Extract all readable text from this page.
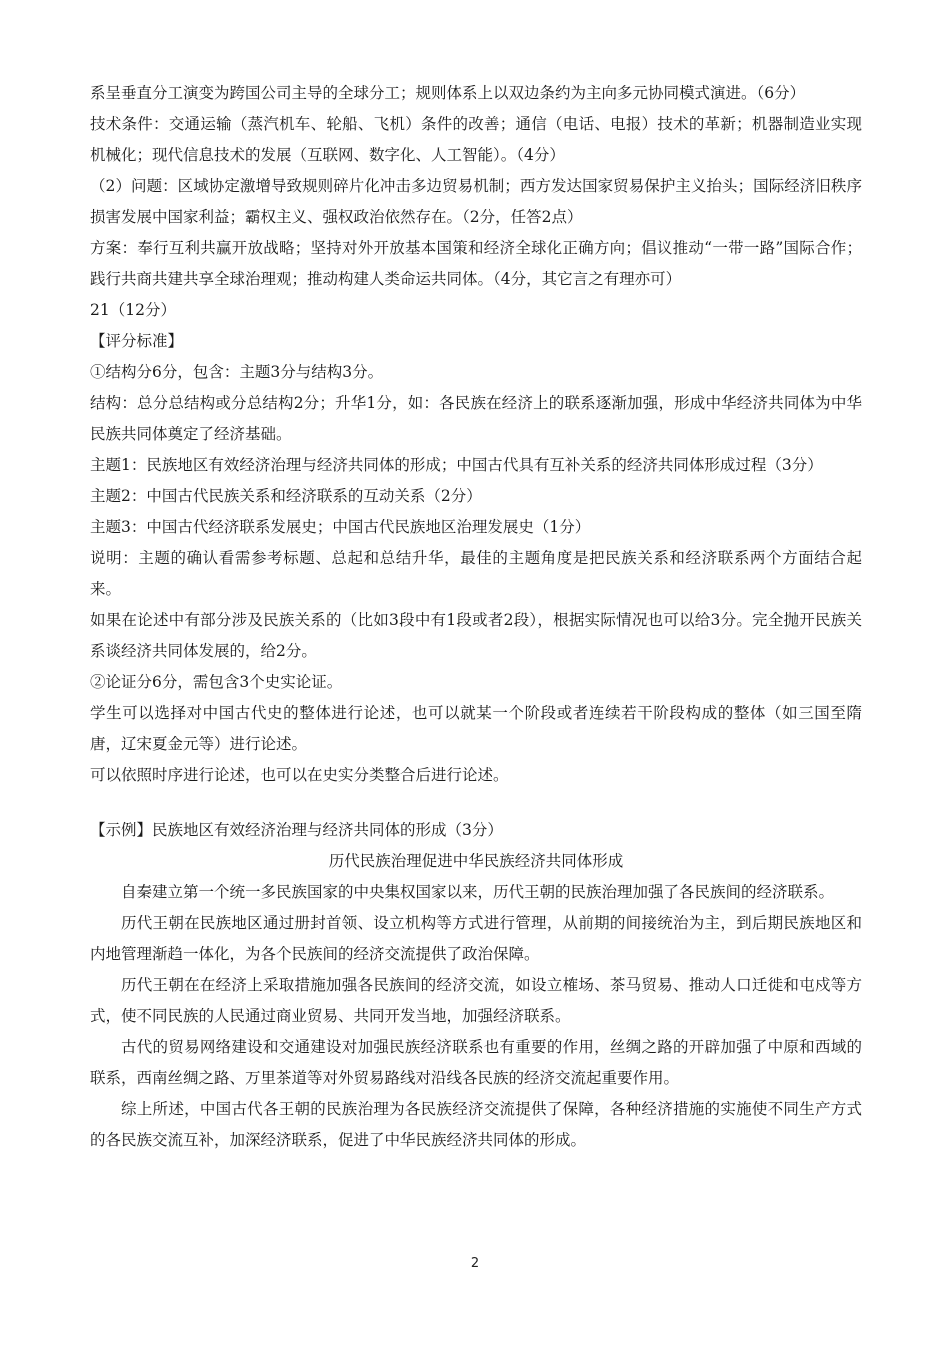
系呈垂直分工演变为跨国公司主导的全球分工；规则体系上以双边条约为主向多元协同模式演进。（6分）

技术条件：交通运输（蒸汽机车、轮船、飞机）条件的改善；通信（电话、电报）技术的革新；机器制造业实现机械化；现代信息技术的发展（互联网、数字化、人工智能）。（4分）

（2）问题：区域协定激增导致规则碎片化冲击多边贸易机制；西方发达国家贸易保护主义抬头；国际经济旧秩序损害发展中国家利益；霸权主义、强权政治依然存在。（2分，任答2点）

方案：奉行互利共赢开放战略；坚持对外开放基本国策和经济全球化正确方向；倡议推动“一带一路”国际合作；践行共商共建共享全球治理观；推动构建人类命运共同体。（4分，其它言之有理亦可）

21（12分）

【评分标准】

①结构分6分，包含：主题3分与结构3分。

结构：总分总结构或分总结构2分；升华1分，如：各民族在经济上的联系逐渐加强，形成中华经济共同体为中华民族共同体奠定了经济基础。

主题1：民族地区有效经济治理与经济共同体的形成；中国古代具有互补关系的经济共同体形成过程（3分）

主题2：中国古代民族关系和经济联系的互动关系（2分）

主题3：中国古代经济联系发展史；中国古代民族地区治理发展史（1分）

说明：主题的确认看需参考标题、总起和总结升华，最佳的主题角度是把民族关系和经济联系两个方面结合起来。

如果在论述中有部分涉及民族关系的（比如3段中有1段或者2段），根据实际情况也可以给3分。完全抛开民族关系谈经济共同体发展的，给2分。

②论证分6分，需包含3个史实论证。

学生可以选择对中国古代史的整体进行论述，也可以就某一个阶段或者连续若干阶段构成的整体（如三国至隋唐，辽宋夏金元等）进行论述。

可以依照时序进行论述，也可以在史实分类整合后进行论述。

【示例】民族地区有效经济治理与经济共同体的形成（3分）

历代民族治理促进中华民族经济共同体形成

自秦建立第一个统一多民族国家的中央集权国家以来，历代王朝的民族治理加强了各民族间的经济联系。

历代王朝在民族地区通过册封首领、设立机构等方式进行管理，从前期的间接统治为主，到后期民族地区和内地管理渐趋一体化，为各个民族间的经济交流提供了政治保障。

历代王朝在在经济上采取措施加强各民族间的经济交流，如设立榷场、茶马贸易、推动人口迁徙和屯戍等方式，使不同民族的人民通过商业贸易、共同开发当地，加强经济联系。

古代的贸易网络建设和交通建设对加强民族经济联系也有重要的作用，丝绸之路的开辟加强了中原和西域的联系，西南丝绸之路、万里茶道等对外贸易路线对沿线各民族的经济交流起重要作用。

综上所述，中国古代各王朝的民族治理为各民族经济交流提供了保障，各种经济措施的实施使不同生产方式的各民族交流互补，加深经济联系，促进了中华民族经济共同体的形成。

2
